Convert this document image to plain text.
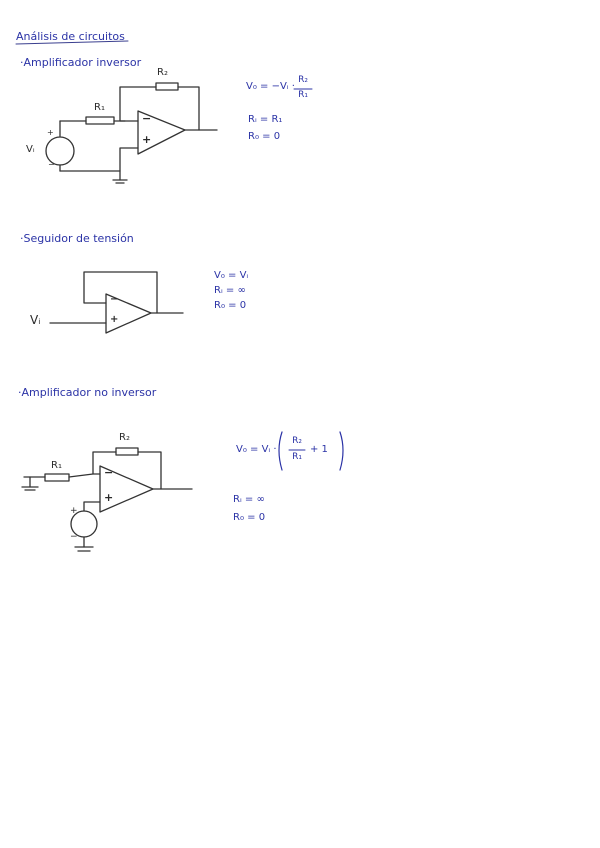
Análisis de circuitos
·Amplificador inversor
R₂
R₁
−
+
+
−
Vᵢ
V₀ = −Vᵢ ·
R₂
R₁
Rᵢ = R₁
R₀ = 0
·Seguidor de tensión
−
+
Vᵢ
V₀ = Vᵢ
Rᵢ = ∞
R₀ = 0
·Amplificador no inversor
R₂
R₁
−
+
+
−
V₀ = Vᵢ ·
R₂
R₁
+ 1
Rᵢ = ∞
R₀ = 0
